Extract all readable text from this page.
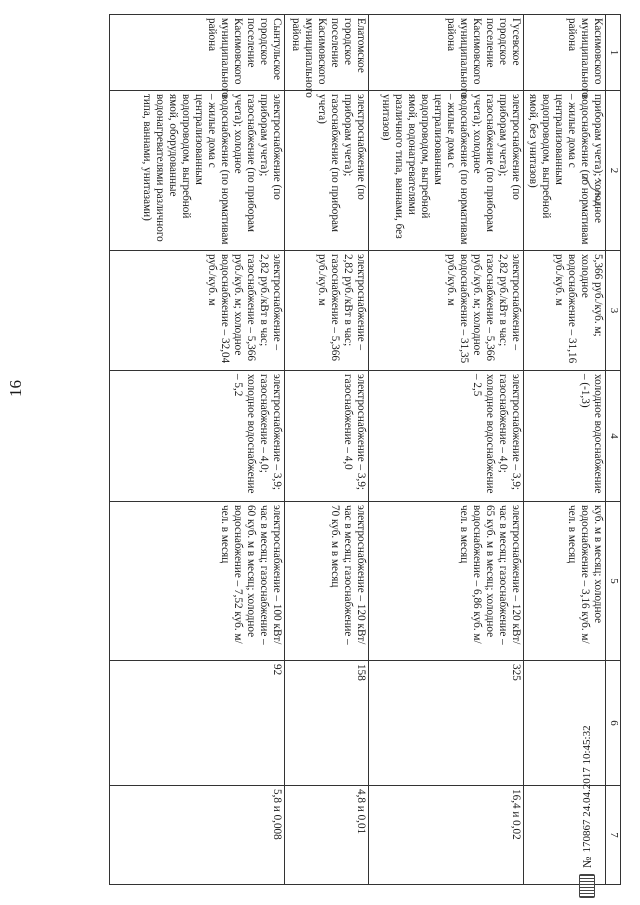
16
1	2	3	4	5	6	7
Касимовского муниципального района	приборам учета); холодное водоснабжение (по нормативам – жилые дома с централизованным водопроводом, выгребной ямой, без унитазов)	5,366 руб./куб. м; холодное водоснабжение – 31,16 руб./куб. м	холодное водоснабжение – (-1,3)	куб. м в месяц; холодное водоснабжение – 3,16 куб. м/чел. в месяц		
Гусевское городское поселение Касимовского муниципального района	электроснабжение (по приборам учета); газоснабжение (по приборам учета); холодное водоснабжение (по нормативам – жилые дома с централизованным водопроводом, выгребной ямой, водонагревателями различного типа, ваннами, без унитазов)	электроснабжение – 2,82 руб./кВт в час; газоснабжение – 5,366 руб./куб. м; холодное водоснабжение – 31,35 руб./куб. м	электроснабжение – 3,9; газоснабжение – 4,0; холодное водоснабжение – 2,5	электроснабжение – 120 кВт/час в месяц; газоснабжение – 65 куб. м в месяц; холодное водоснабжение – 6,86 куб. м/чел. в месяц	325	16,4 и 0,02
Елатомское городское поселение Касимовского муниципального района	электроснабжение (по приборам учета); газоснабжение (по приборам учета)	электроснабжение – 2,82 руб./кВт в час; газоснабжение – 5,366 руб./куб. м	электроснабжение – 3,9; газоснабжение – 4,0	электроснабжение – 120 кВт/час в месяц; газоснабжение – 70 куб. м в месяц	158	4,8 и 0,01
Сынтульское городское поселение Касимовского муниципального района	электроснабжение (по приборам учета); газоснабжение (по приборам учета); холодное водоснабжение (по нормативам – жилые дома с централизованным водопроводом, выгребной ямой, оборудованные водонагревателями различного типа, ваннами, унитазами)	электроснабжение – 2,82 руб./кВт в час; газоснабжение – 5,366 руб./куб. м; холодное водоснабжение – 32,04 руб./куб. м	электроснабжение – 3,9; газоснабжение – 4,0; холодное водоснабжение – 5,2	электроснабжение – 100 кВт/час в месяц; газоснабжение – 60 куб. м в месяц; холодное водоснабжение – 7,52 куб. м/чел. в месяц	92	5,8 и 0,008
№
170867 24.04.2017 10:45:32
